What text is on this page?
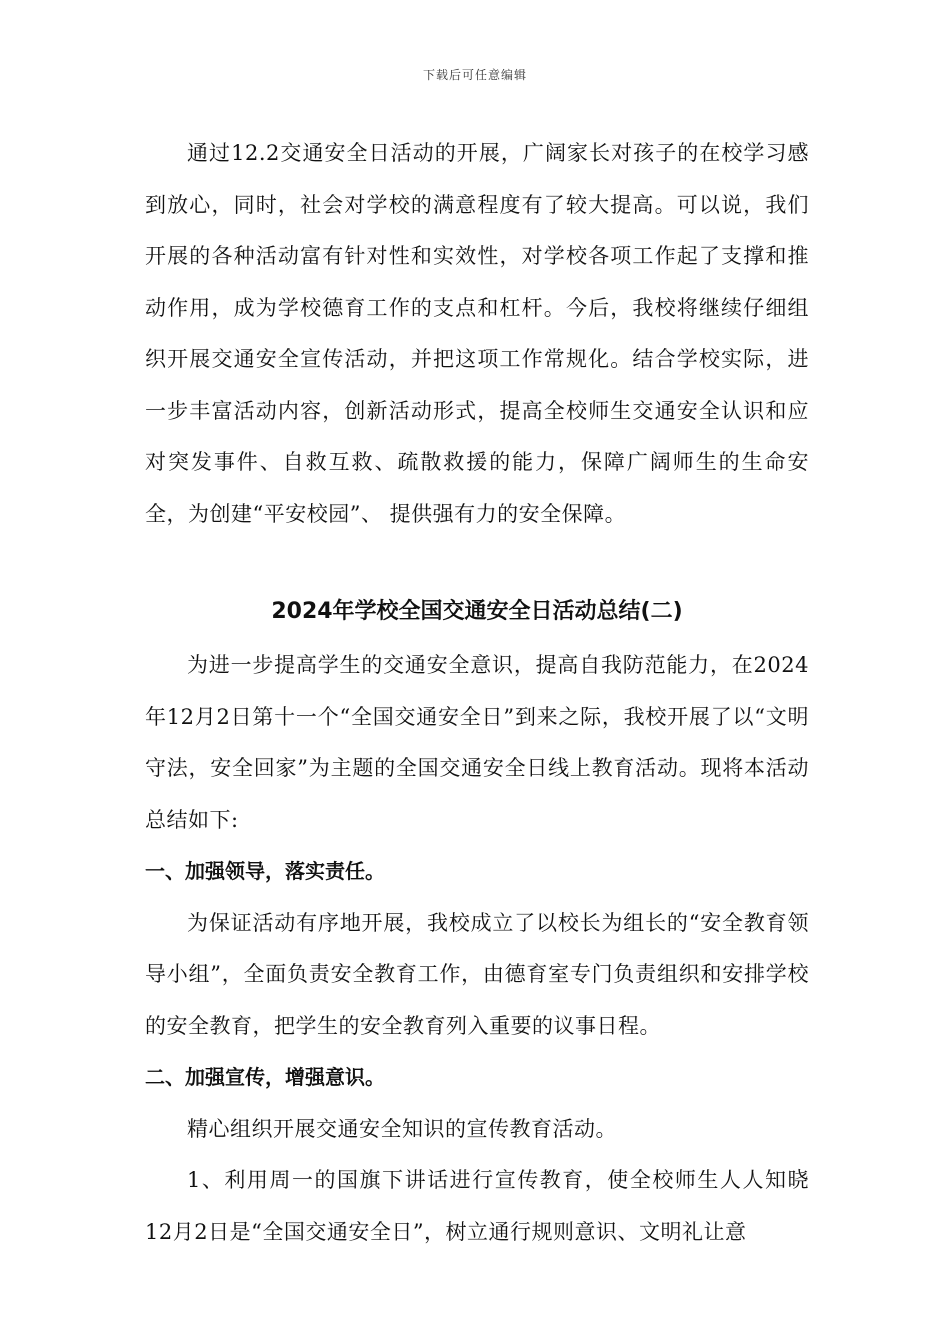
下载后可任意编辑

通过12.2交通安全日活动的开展，广阔家长对孩子的在校学习感到放心，同时，社会对学校的满意程度有了较大提高。可以说，我们开展的各种活动富有针对性和实效性，对学校各项工作起了支撑和推动作用，成为学校德育工作的支点和杠杆。今后，我校将继续仔细组织开展交通安全宣传活动，并把这项工作常规化。结合学校实际，进一步丰富活动内容，创新活动形式，提高全校师生交通安全认识和应对突发事件、自救互救、疏散救援的能力，保障广阔师生的生命安全，为创建“平安校园”、 提供强有力的安全保障。

2024年学校全国交通安全日活动总结(二)

为进一步提高学生的交通安全意识，提高自我防范能力，在2024年12月2日第十一个“全国交通安全日”到来之际，我校开展了以“文明守法，安全回家”为主题的全国交通安全日线上教育活动。现将本活动总结如下:

一、加强领导，落实责任。

为保证活动有序地开展，我校成立了以校长为组长的“安全教育领导小组”，全面负责安全教育工作，由德育室专门负责组织和安排学校的安全教育，把学生的安全教育列入重要的议事日程。

二、加强宣传，增强意识。

精心组织开展交通安全知识的宣传教育活动。

1、利用周一的国旗下讲话进行宣传教育，使全校师生人人知晓12月2日是“全国交通安全日”，树立通行规则意识、文明礼让意
